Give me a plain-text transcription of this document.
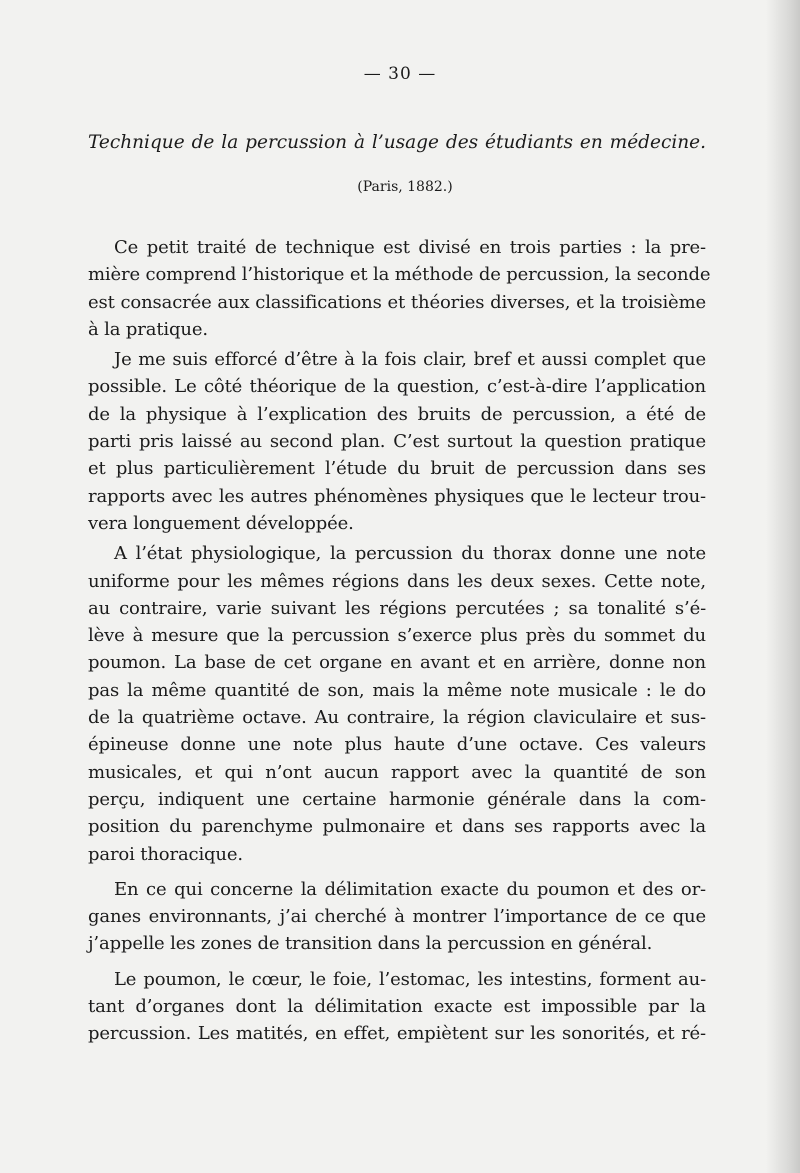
— 30 —
Technique de la percussion à l’usage des étudiants en médecine.
(Paris, 1882.)
Ce petit traité de technique est divisé en trois parties : la pre-
mière comprend l’historique et la méthode de percussion, la seconde
est consacrée aux classifications et théories diverses, et la troisième
à la pratique.
Je me suis efforcé d’être à la fois clair, bref et aussi complet que
possible. Le côté théorique de la question, c’est-à-dire l’application
de la physique à l’explication des bruits de percussion, a été de
parti pris laissé au second plan. C’est surtout la question pratique
et plus particulièrement l’étude du bruit de percussion dans ses
rapports avec les autres phénomènes physiques que le lecteur trou-
vera longuement développée.
A l’état physiologique, la percussion du thorax donne une note
uniforme pour les mêmes régions dans les deux sexes. Cette note,
au contraire, varie suivant les régions percutées ; sa tonalité s’é-
lève à mesure que la percussion s’exerce plus près du sommet du
poumon. La base de cet organe en avant et en arrière, donne non
pas la même quantité de son, mais la même note musicale : le do
de la quatrième octave. Au contraire, la région claviculaire et sus-
épineuse donne une note plus haute d’une octave. Ces valeurs
musicales, et qui n’ont aucun rapport avec la quantité de son
perçu, indiquent une certaine harmonie générale dans la com-
position du parenchyme pulmonaire et dans ses rapports avec la
paroi thoracique.
En ce qui concerne la délimitation exacte du poumon et des or-
ganes environnants, j’ai cherché à montrer l’importance de ce que
j’appelle les zones de transition dans la percussion en général.
Le poumon, le cœur, le foie, l’estomac, les intestins, forment au-
tant d’organes dont la délimitation exacte est impossible par la
percussion. Les matités, en effet, empiètent sur les sonorités, et ré-
